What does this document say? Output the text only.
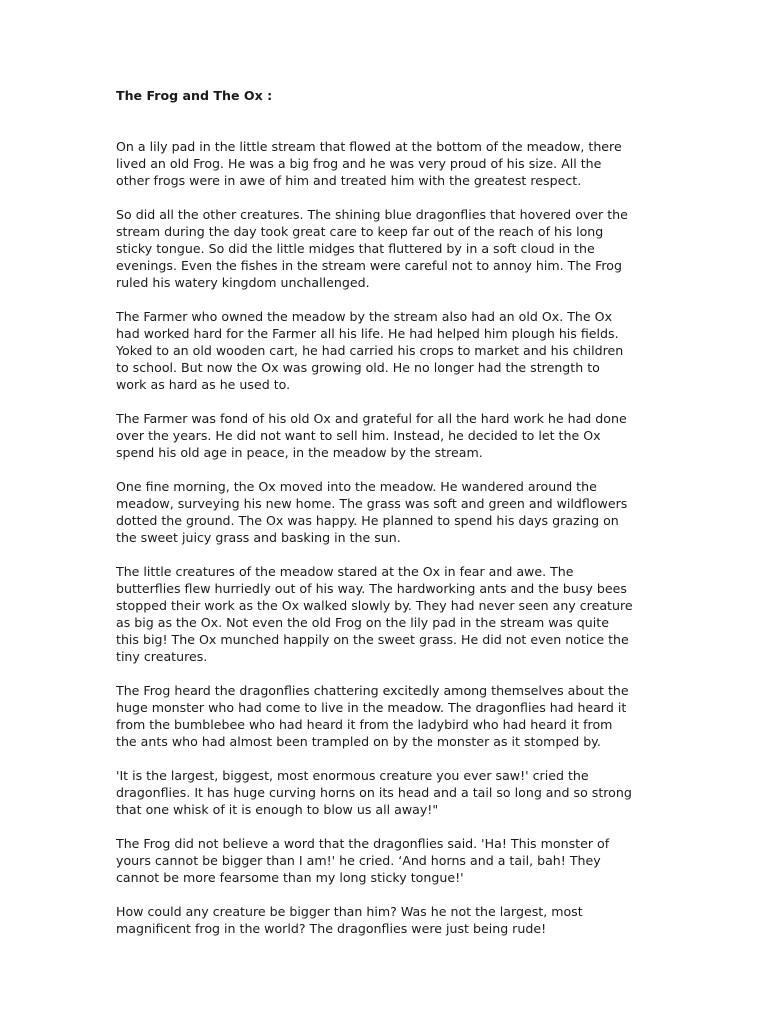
The Frog and The Ox :

On a lily pad in the little stream that flowed at the bottom of the meadow, there
lived an old Frog. He was a big frog and he was very proud of his size. All the
other frogs were in awe of him and treated him with the greatest respect.

So did all the other creatures. The shining blue dragonflies that hovered over the
stream during the day took great care to keep far out of the reach of his long
sticky tongue. So did the little midges that fluttered by in a soft cloud in the
evenings. Even the fishes in the stream were careful not to annoy him. The Frog
ruled his watery kingdom unchallenged.

The Farmer who owned the meadow by the stream also had an old Ox. The Ox
had worked hard for the Farmer all his life. He had helped him plough his fields.
Yoked to an old wooden cart, he had carried his crops to market and his children
to school. But now the Ox was growing old. He no longer had the strength to
work as hard as he used to.

The Farmer was fond of his old Ox and grateful for all the hard work he had done
over the years. He did not want to sell him. Instead, he decided to let the Ox
spend his old age in peace, in the meadow by the stream.

One fine morning, the Ox moved into the meadow. He wandered around the
meadow, surveying his new home. The grass was soft and green and wildflowers
dotted the ground. The Ox was happy. He planned to spend his days grazing on
the sweet juicy grass and basking in the sun.

The little creatures of the meadow stared at the Ox in fear and awe. The
butterflies flew hurriedly out of his way. The hardworking ants and the busy bees
stopped their work as the Ox walked slowly by. They had never seen any creature
as big as the Ox. Not even the old Frog on the lily pad in the stream was quite
this big! The Ox munched happily on the sweet grass. He did not even notice the
tiny creatures.

The Frog heard the dragonflies chattering excitedly among themselves about the
huge monster who had come to live in the meadow. The dragonflies had heard it
from the bumblebee who had heard it from the ladybird who had heard it from
the ants who had almost been trampled on by the monster as it stomped by.

'It is the largest, biggest, most enormous creature you ever saw!' cried the
dragonflies. It has huge curving horns on its head and a tail so long and so strong
that one whisk of it is enough to blow us all away!"

The Frog did not believe a word that the dragonflies said. 'Ha! This monster of
yours cannot be bigger than I am!' he cried. ‘And horns and a tail, bah! They
cannot be more fearsome than my long sticky tongue!'

How could any creature be bigger than him? Was he not the largest, most
magnificent frog in the world? The dragonflies were just being rude!
